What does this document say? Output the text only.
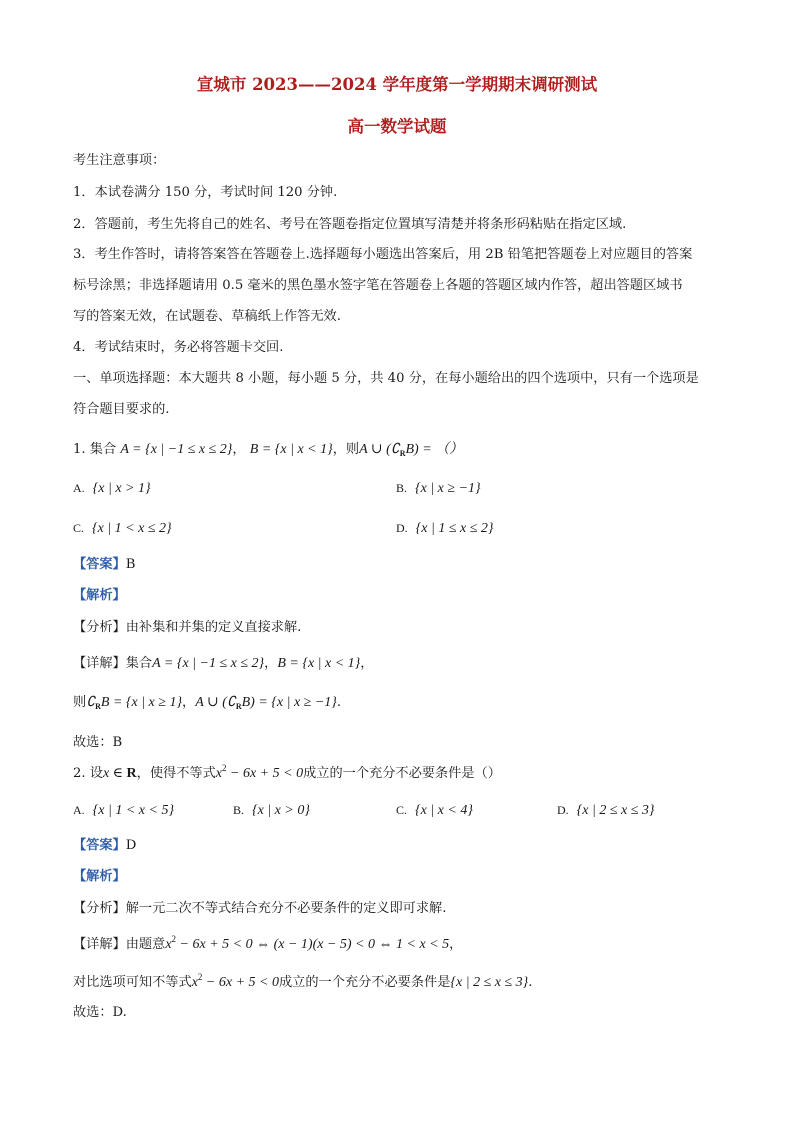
宣城市 2023——2024 学年度第一学期期末调研测试
高一数学试题
考生注意事项：
1．本试卷满分 150 分，考试时间 120 分钟.
2．答题前，考生先将自己的姓名、考号在答题卷指定位置填写清楚并将条形码粘贴在指定区域.
3．考生作答时，请将答案答在答题卷上.选择题每小题选出答案后，用 2B 铅笔把答题卷上对应题目的答案
标号涂黑；非选择题请用 0.5 毫米的黑色墨水签字笔在答题卷上各题的答题区域内作答，超出答题区域书
写的答案无效，在试题卷、草稿纸上作答无效.
4．考试结束时，务必将答题卡交回.
一、单项选择题：本大题共 8 小题，每小题 5 分，共 40 分，在每小题给出的四个选项中，只有一个选项是
符合题目要求的.
1. 集合 A = {x | −1 ≤ x ≤ 2}， B = {x | x < 1}，则A ∪ $(∁_RB)$ = （）
A. {x | x > 1}	B. {x | x ≥ −1}
C. {x | 1 < x ≤ 2}	D. {x | 1 ≤ x ≤ 2}
【答案】B
【解析】
【分析】由补集和并集的定义直接求解.
【详解】集合A = {x | −1 ≤ x ≤ 2}，B = {x | x < 1}，
则$∁_RB = \{x$ | x ≥ 1}，A ∪ $(∁_RB) = \{x$ | x ≥ −1}.
故选：B
2. 设x ∈ R，使得不等式$x^2 - 6x + 5 < 0$成立的一个充分不必要条件是（）
A. {x | 1 < x < 5}	B. {x | x > 0}	C. {x | x < 4}	D. {x | 2 ≤ x ≤ 3}
【答案】D
【解析】
【分析】解一元二次不等式结合充分不必要条件的定义即可求解.
【详解】由题意$x^2 - 6x + 5 < 0$ ⇔ (x − 1)(x − 5) < 0 ⇔ 1 < x < 5，
对比选项可知不等式$x^2 - 6x + 5 < 0$成立的一个充分不必要条件是{x | 2 ≤ x ≤ 3}.
故选：D.
